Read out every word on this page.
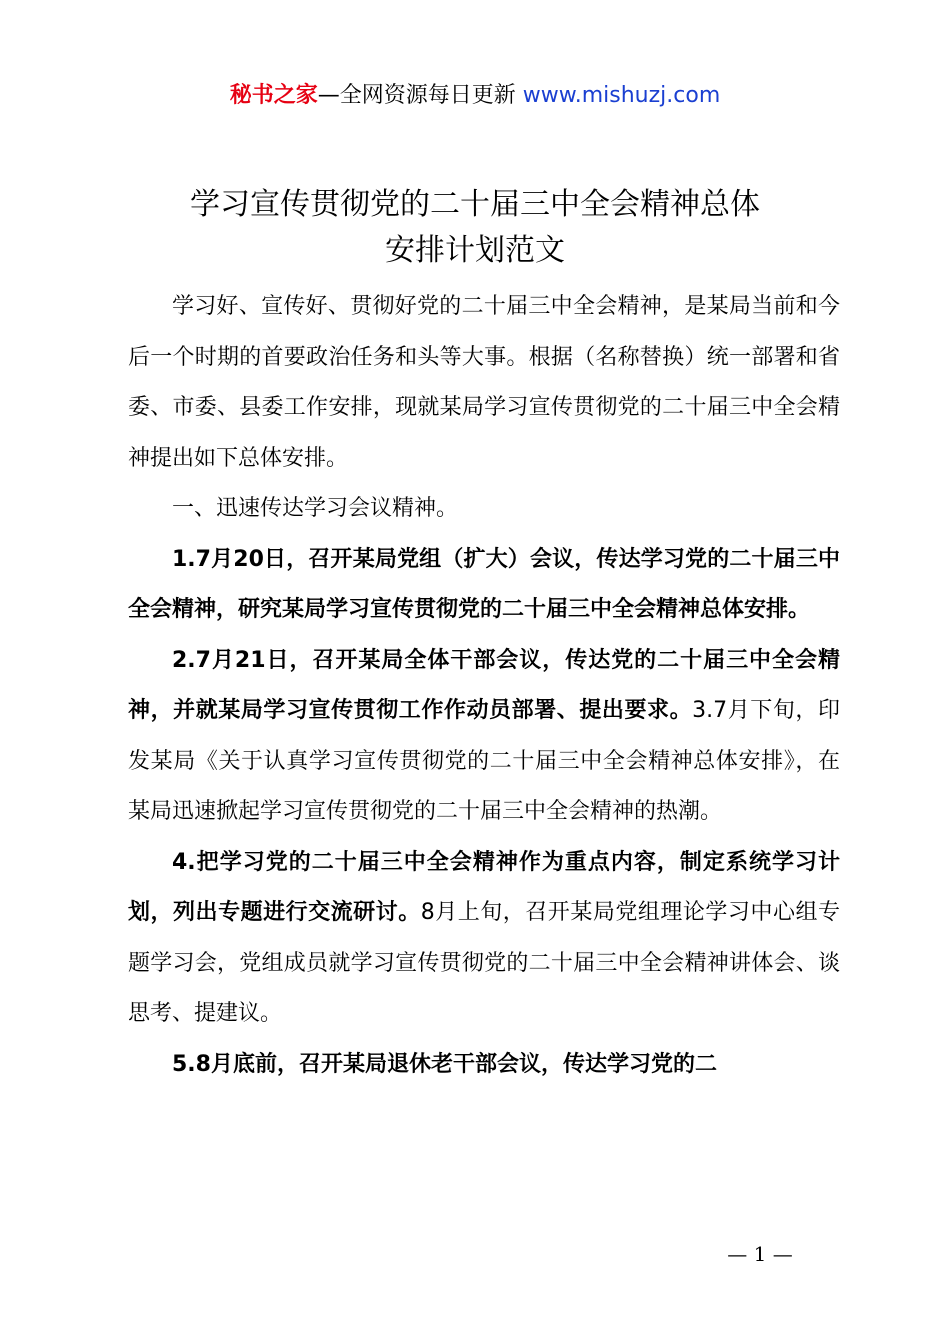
秘书之家—全网资源每日更新 www.mishuzj.com
学习宣传贯彻党的二十届三中全会精神总体
安排计划范文

学习好、宣传好、贯彻好党的二十届三中全会精神，是某局当前和今后一个时期的首要政治任务和头等大事。根据（名称替换）统一部署和省委、市委、县委工作安排，现就某局学习宣传贯彻党的二十届三中全会精神提出如下总体安排。

一、迅速传达学习会议精神。

1.7月20日，召开某局党组（扩大）会议，传达学习党的二十届三中全会精神，研究某局学习宣传贯彻党的二十届三中全会精神总体安排。

2.7月21日，召开某局全体干部会议，传达党的二十届三中全会精神，并就某局学习宣传贯彻工作作动员部署、提出要求。3.7月下旬，印发某局《关于认真学习宣传贯彻党的二十届三中全会精神总体安排》，在某局迅速掀起学习宣传贯彻党的二十届三中全会精神的热潮。

4.把学习党的二十届三中全会精神作为重点内容，制定系统学习计划，列出专题进行交流研讨。8月上旬，召开某局党组理论学习中心组专题学习会，党组成员就学习宣传贯彻党的二十届三中全会精神讲体会、谈思考、提建议。

5.8月底前，召开某局退休老干部会议，传达学习党的二

— 1 —
